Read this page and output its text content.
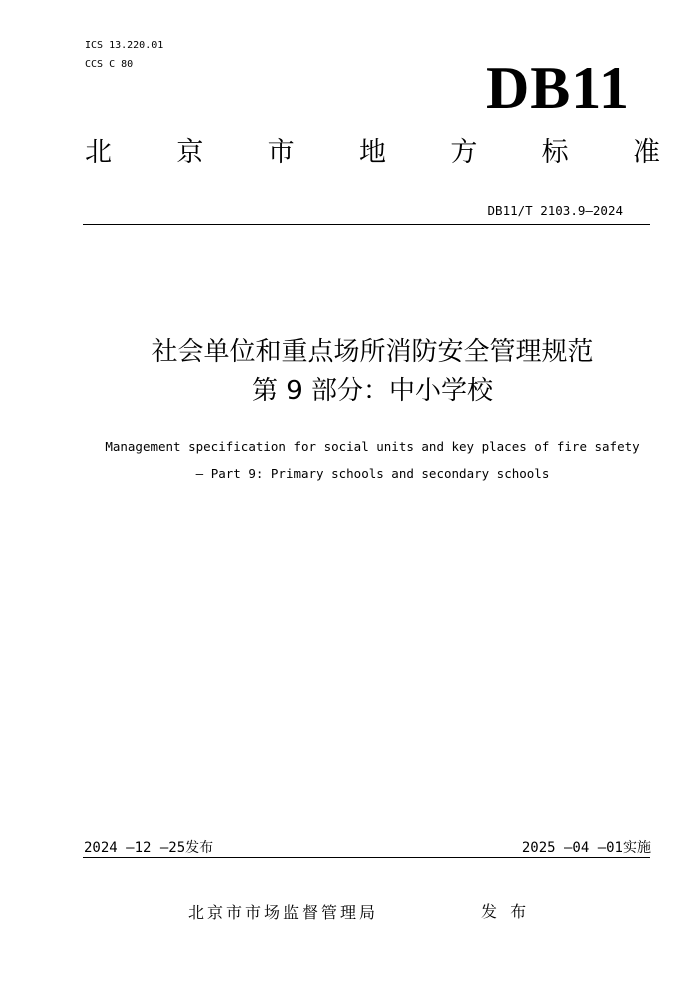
ICS 13.220.01
CCS C 80	DB11
北 京 市 地 方 标 准
DB11/T 2103.9—2024
社会单位和重点场所消防安全管理规范
第 9 部分：中小学校
Management specification for social units and key places of fire safety
— Part 9: Primary schools and secondary schools
2024 —12 —25发布	2025 —04 —01实施
北京市市场监督管理局	发 布
